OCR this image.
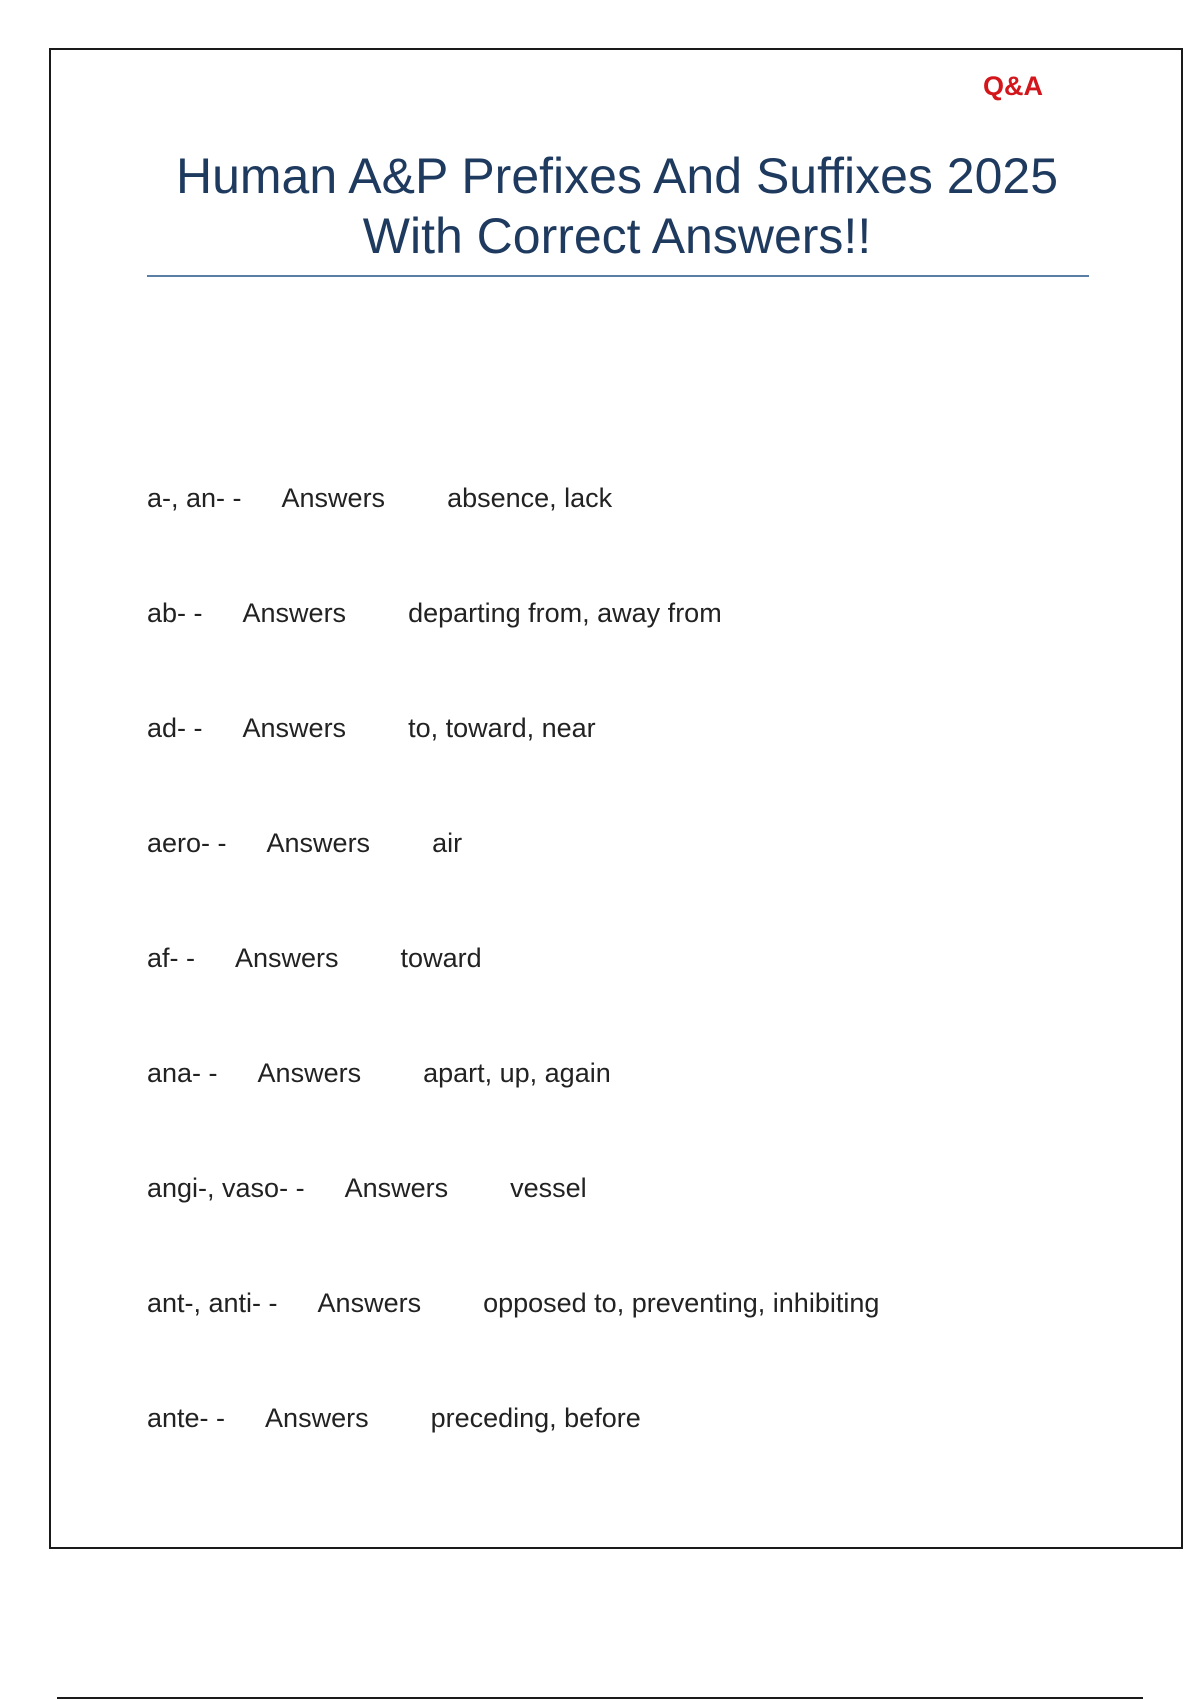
Q&A
Human A&P Prefixes And Suffixes 2025
With Correct Answers!!
a-, an- - Answers absence, lack
ab- - Answers departing from, away from
ad- - Answers to, toward, near
aero- - Answers air
af- - Answers toward
ana- - Answers apart, up, again
angi-, vaso- - Answers vessel
ant-, anti- - Answers opposed to, preventing, inhibiting
ante- - Answers preceding, before
